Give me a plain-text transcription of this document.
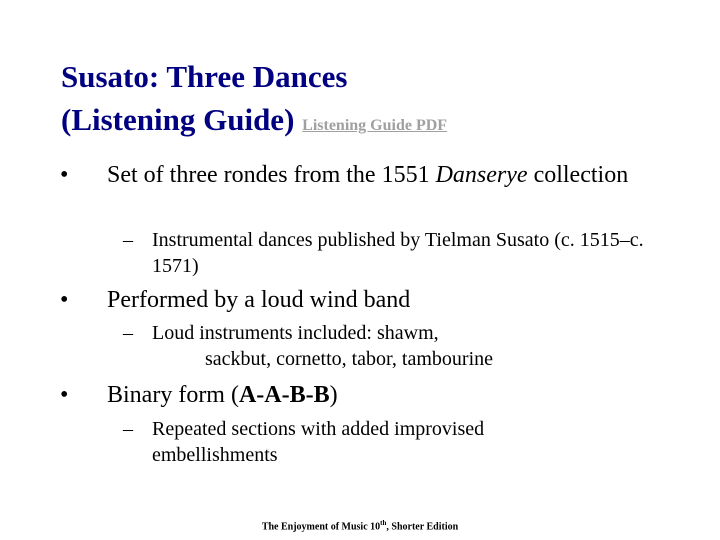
Susato: Three Dances
(Listening Guide) Listening Guide PDF
• Set of three rondes from the 1551 Danserye collection
– Instrumental dances published by Tielman Susato (c. 1515–c. 1571)
• Performed by a loud wind band
– Loud instruments included: shawm,
sackbut, cornetto, tabor, tambourine
• Binary form (A-A-B-B)
– Repeated sections with added improvised embellishments
The Enjoyment of Music 10th, Shorter Edition
